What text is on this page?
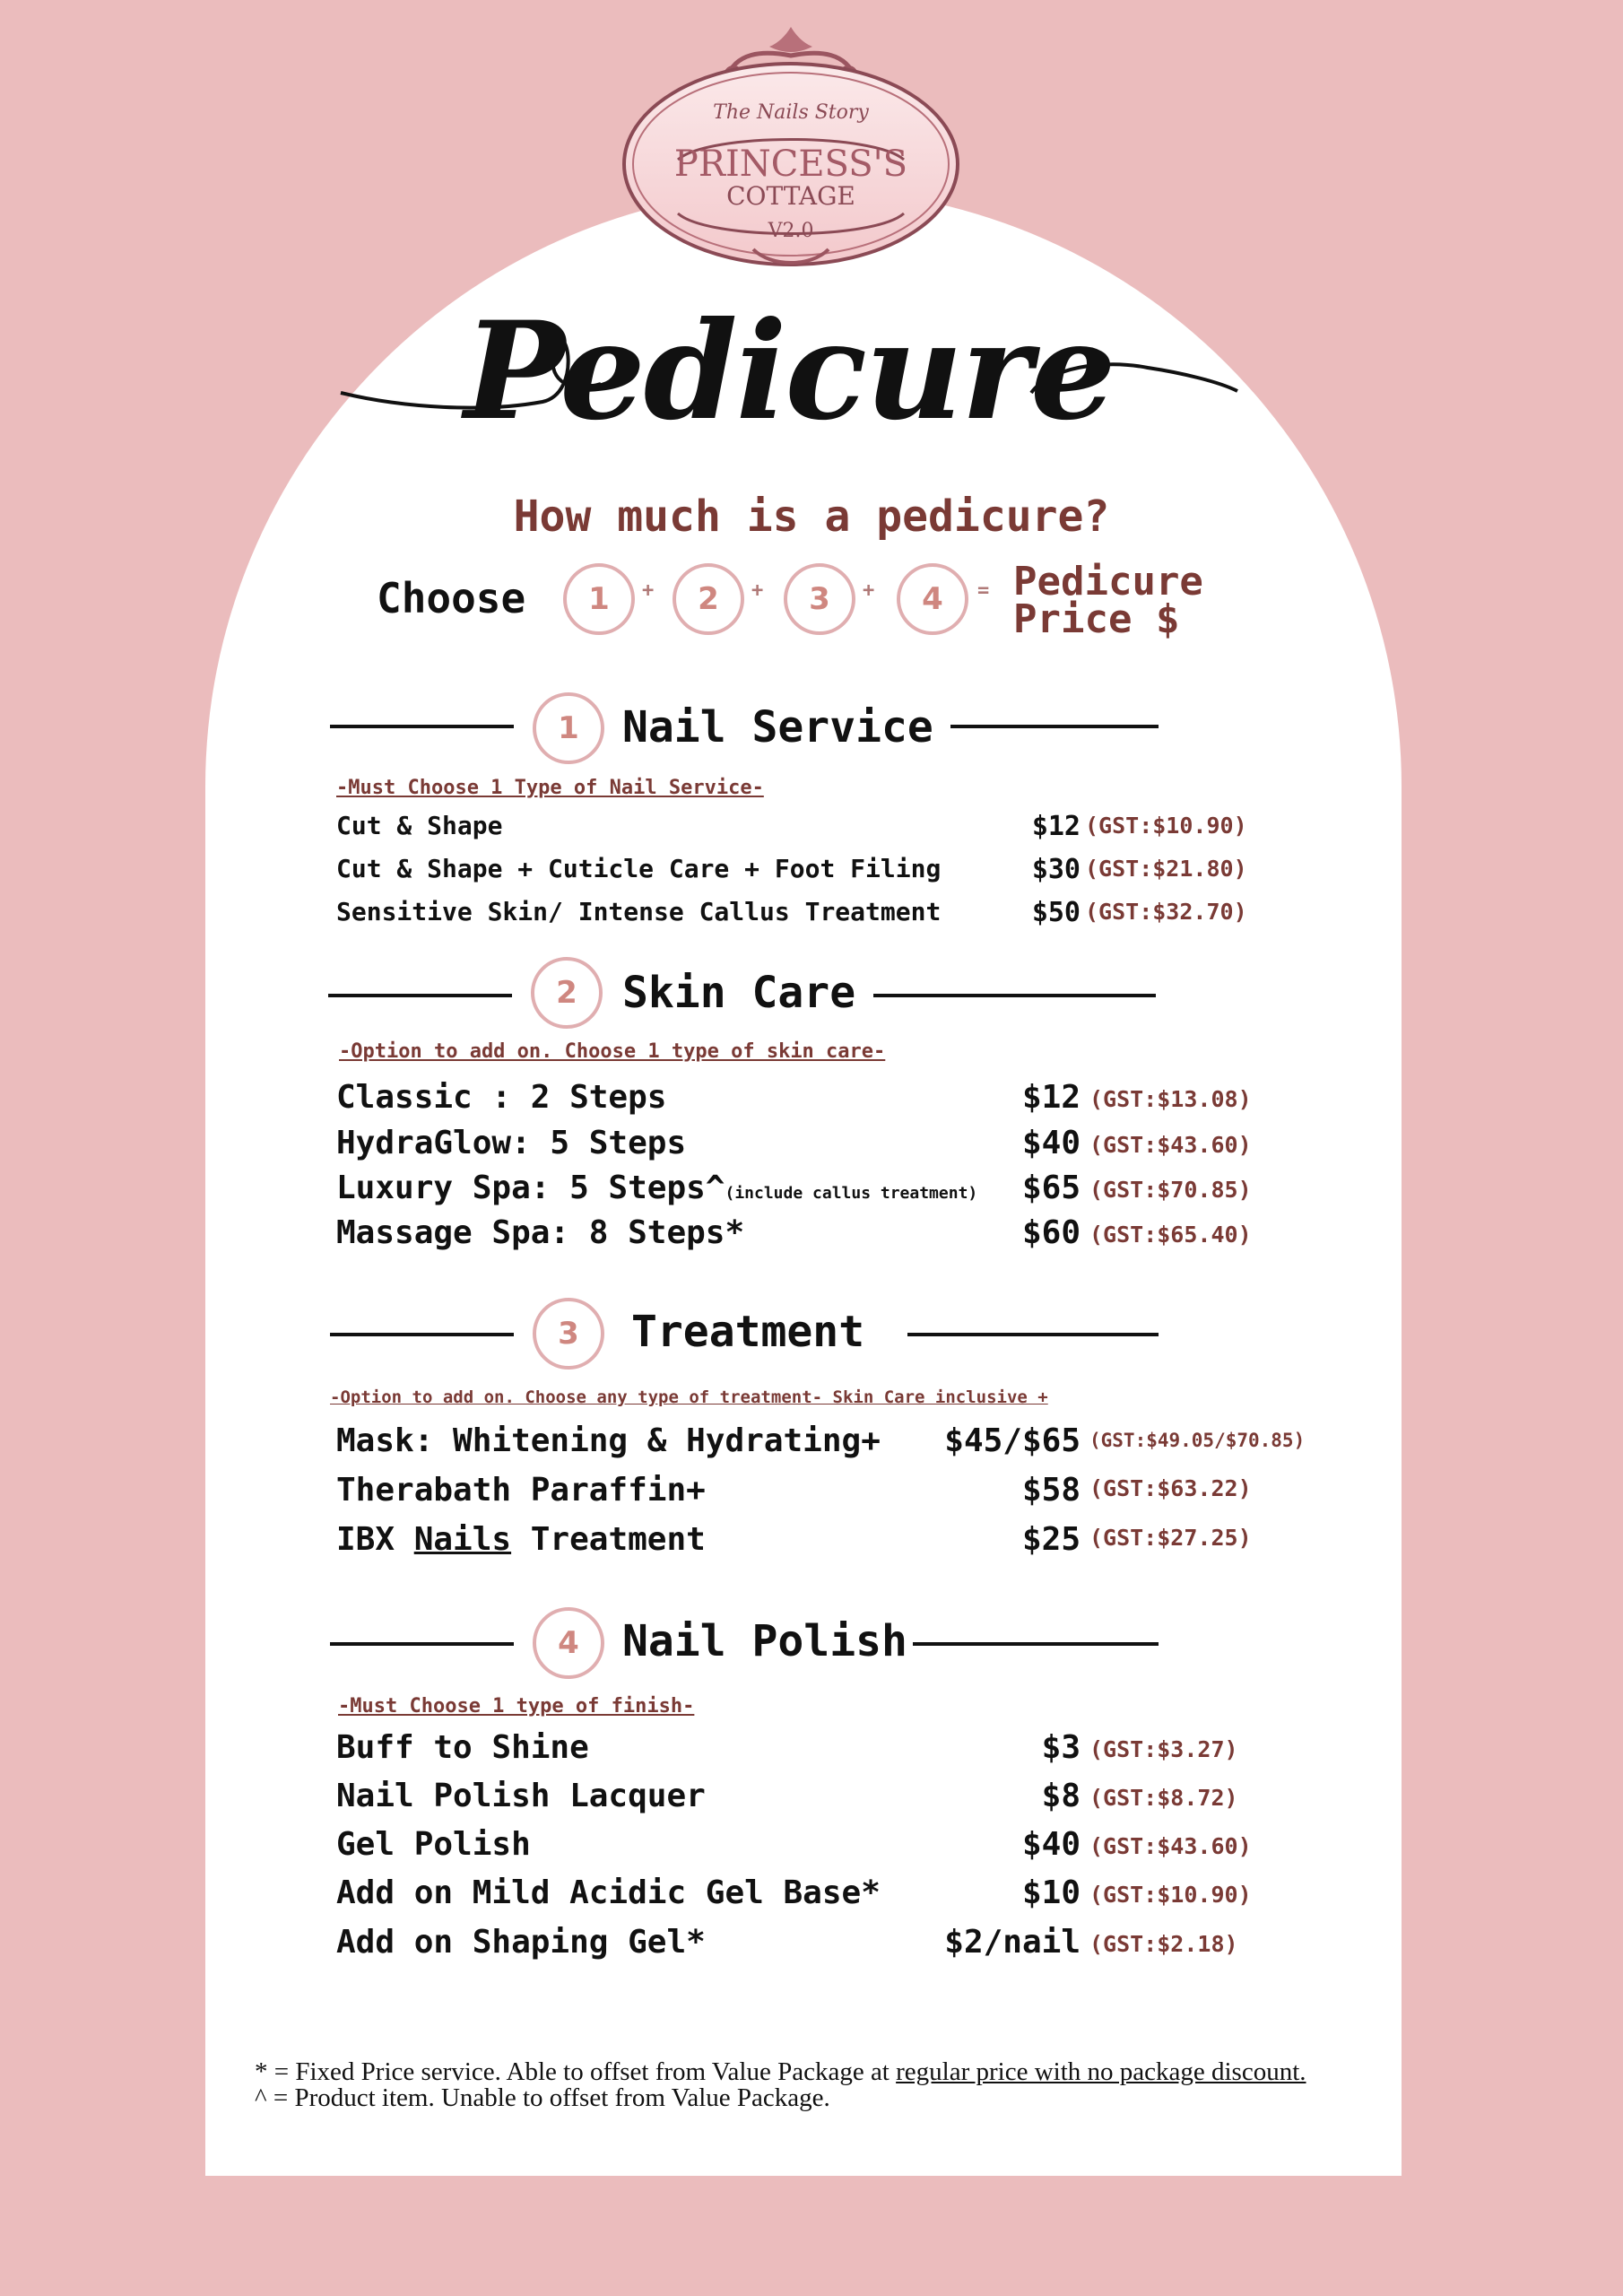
The Nails Story
PRINCESS'S
COTTAGE
V2.0
Pedicure
How much is a pedicure?
Choose	1	+	2	+	3	+	4	= Pedicure
Price $
1	Nail Service
-Must Choose 1 Type of Nail Service-
Cut & Shape	$12 (GST:$10.90)
Cut & Shape + Cuticle Care + Foot Filing	$30 (GST:$21.80)
Sensitive Skin/ Intense Callus Treatment	$50 (GST:$32.70)
2	Skin Care
-Option to add on. Choose 1 type of skin care-
Classic : 2 Steps	$12 (GST:$13.08)
HydraGlow: 5 Steps	$40 (GST:$43.60)
Luxury Spa: 5 Steps^(include callus treatment) $65 (GST:$70.85)
Massage Spa: 8 Steps*	$60 (GST:$65.40)
3	Treatment
-Option to add on. Choose any type of treatment- Skin Care inclusive +
Mask: Whitening & Hydrating+ $45/$65 (GST:$49.05/$70.85)
Therabath Paraffin+	$58 (GST:$63.22)
IBX Nails Treatment	$25 (GST:$27.25)
4	Nail Polish
-Must Choose 1 type of finish-
Buff to Shine	$3 (GST:$3.27)
Nail Polish Lacquer	$8 (GST:$8.72)
Gel Polish	$40 (GST:$43.60)
Add on Mild Acidic Gel Base*	$10 (GST:$10.90)
Add on Shaping Gel*	$2/nail (GST:$2.18)
* = Fixed Price service. Able to offset from Value Package at regular price with no package discount.
^ = Product item. Unable to offset from Value Package.
